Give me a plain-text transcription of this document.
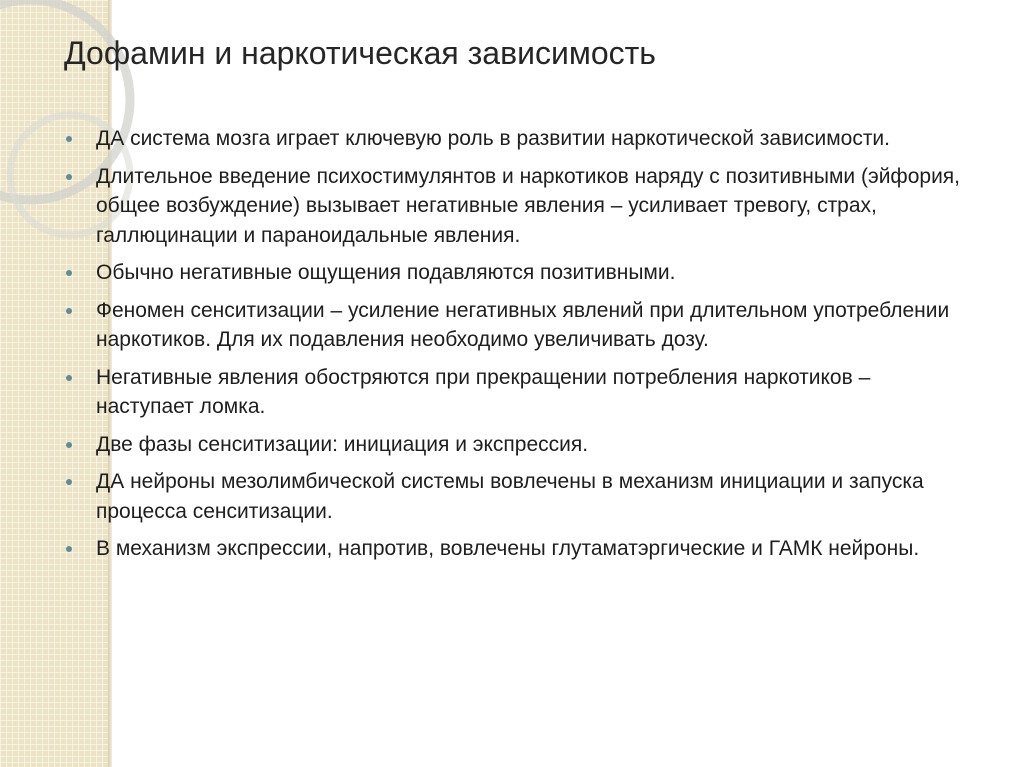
Дофамин и наркотическая зависимость
ДА система мозга играет ключевую роль в развитии наркотической зависимости.
Длительное введение психостимулянтов и наркотиков наряду с позитивными (эйфория, общее возбуждение) вызывает негативные явления – усиливает тревогу, страх, галлюцинации и параноидальные явления.
Обычно негативные ощущения подавляются позитивными.
Феномен сенситизации – усиление негативных явлений при длительном употреблении наркотиков. Для их подавления необходимо увеличивать дозу.
Негативные явления обостряются при прекращении потребления наркотиков – наступает ломка.
Две фазы сенситизации: инициация и экспрессия.
ДА нейроны мезолимбической системы вовлечены в механизм инициации и запуска процесса сенситизации.
В механизм экспрессии, напротив, вовлечены глутаматэргические и ГАМК нейроны.
